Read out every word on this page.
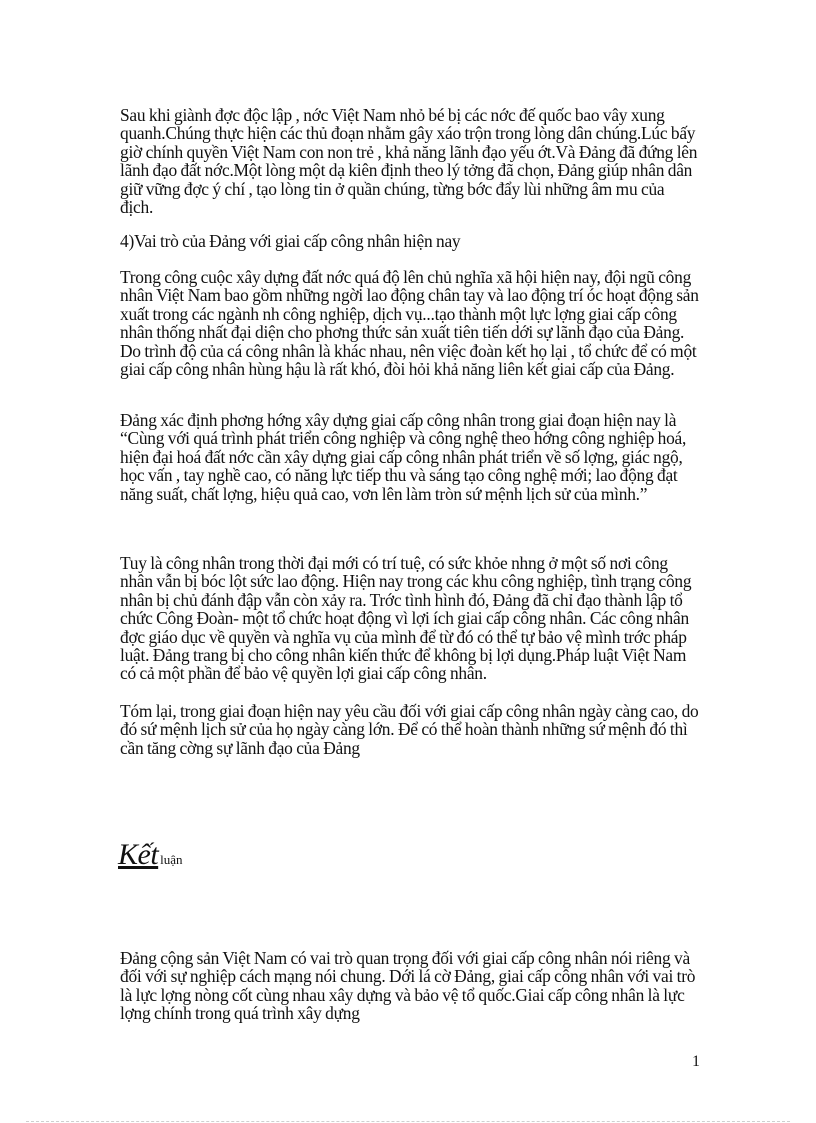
Sau khi giành đợc độc lập , nớc Việt Nam nhỏ bé bị các nớc đế quốc bao vây xung quanh.Chúng thực hiện các thủ đoạn nhằm gây xáo trộn trong lòng dân chúng.Lúc bấy giờ chính quyền Việt Nam con non trẻ , khả năng lãnh đạo yếu ớt.Và Đảng đã đứng lên lãnh đạo đất nớc.Một lòng một dạ kiên định theo lý tởng đã chọn, Đảng giúp nhân dân giữ vững đợc ý chí , tạo lòng tin ở quần chúng, từng bớc đẩy lùi những âm mu của địch.

4)Vai trò của Đảng với giai cấp công nhân hiện nay

Trong công cuộc xây dựng đất nớc quá độ lên chủ nghĩa xã hội hiện nay, đội ngũ công nhân Việt Nam bao gồm những ngời lao động chân tay và lao động trí óc hoạt động sản xuất trong các ngành nh công nghiệp, dịch vụ...tạo thành một lực lợng giai cấp công nhân thống nhất đại diện cho phơng thức sản xuất tiên tiến dới sự lãnh đạo của Đảng. Do trình độ của cá công nhân là khác nhau, nên việc đoàn kết họ lại , tổ chức để có một giai cấp công nhân hùng hậu là rất khó, đòi hỏi khả năng liên kết giai cấp của Đảng.

Đảng xác định phơng hớng xây dựng giai cấp công nhân trong giai đoạn hiện nay là “Cùng với quá trình phát triển công nghiệp và công nghệ theo hớng công nghiệp hoá, hiện đại hoá đất nớc cần xây dựng giai cấp công nhân phát triển về số lợng, giác ngộ, học vấn , tay nghề cao, có năng lực tiếp thu và sáng tạo công nghệ mới; lao động đạt năng suất, chất lợng, hiệu quả cao, vơn lên làm tròn sứ mệnh lịch sử của mình.”

Tuy là công nhân trong thời đại mới có trí tuệ, có sức khỏe nhng ở một số nơi công nhân vẫn bị bóc lột sức lao động. Hiện nay trong các khu công nghiệp, tình trạng công nhân bị chủ đánh đập vẫn còn xảy ra. Trớc tình hình đó, Đảng đã chỉ đạo thành lập tổ chức Công Đoàn- một tổ chức hoạt động vì lợi ích giai cấp công nhân. Các công nhân đợc giáo dục về quyền và nghĩa vụ của mình để từ đó có thể tự bảo vệ mình trớc pháp luật. Đảng trang bị cho công nhân kiến thức để không bị lợi dụng.Pháp luật Việt Nam có cả một phần để bảo vệ quyền lợi giai cấp công nhân.

Tóm lại, trong giai đoạn hiện nay yêu cầu đối với giai cấp công nhân ngày càng cao, do đó sứ mệnh lịch sử của họ ngày càng lớn. Để có thể hoàn thành những sứ mệnh đó thì cần tăng cờng sự lãnh đạo của Đảng

Kết luận

Đảng cộng sản Việt Nam có vai trò quan trọng đối với giai cấp công nhân nói riêng và đối với sự nghiệp cách mạng nói chung. Dới lá cờ Đảng, giai cấp công nhân với vai trò là lực lợng nòng cốt cùng nhau xây dựng và bảo vệ tổ quốc.Giai cấp công nhân là lực lợng chính trong quá trình xây dựng

1
